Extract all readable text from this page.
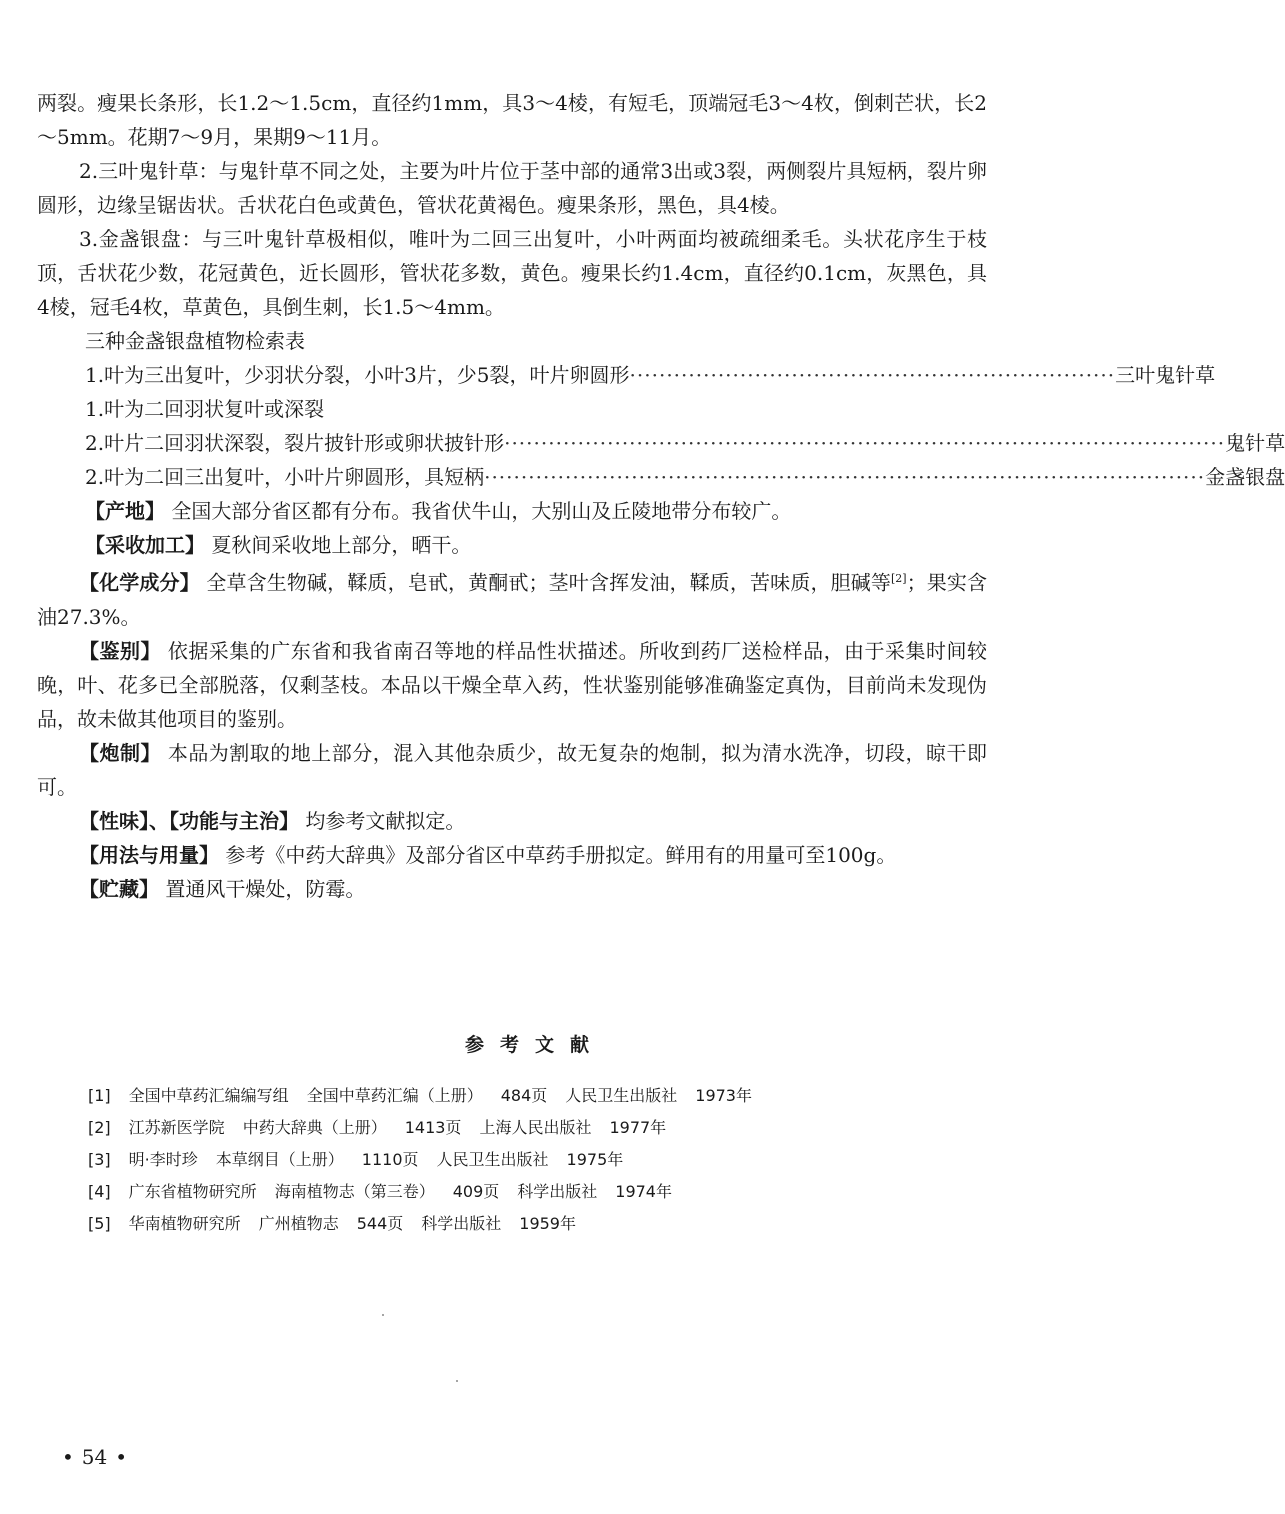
两裂。瘦果长条形，长1.2～1.5cm，直径约1mm，具3～4棱，有短毛，顶端冠毛3～4枚，倒刺芒状，长2～5mm。花期7～9月，果期9～11月。

2.三叶鬼针草：与鬼针草不同之处，主要为叶片位于茎中部的通常3出或3裂，两侧裂片具短柄，裂片卵圆形，边缘呈锯齿状。舌状花白色或黄色，管状花黄褐色。瘦果条形，黑色，具4棱。

3.金盏银盘：与三叶鬼针草极相似，唯叶为二回三出复叶，小叶两面均被疏细柔毛。头状花序生于枝顶，舌状花少数，花冠黄色，近长圆形，管状花多数，黄色。瘦果长约1.4cm，直径约0.1cm，灰黑色，具4棱，冠毛4枚，草黄色，具倒生刺，长1.5～4mm。

三种金盏银盘植物检索表
1.叶为三出复叶，少羽状分裂，小叶3片，少5裂，叶片卵圆形 ·································································· 三叶鬼针草
1.叶为二回羽状复叶或深裂
2.叶片二回羽状深裂，裂片披针形或卵状披针形 ·································································································· 鬼针草
2.叶为二回三出复叶，小叶片卵圆形，具短柄 ·································································································· 金盏银盘

【产地】 全国大部分省区都有分布。我省伏牛山，大别山及丘陵地带分布较广。

【采收加工】 夏秋间采收地上部分，晒干。

【化学成分】 全草含生物碱，鞣质，皂甙，黄酮甙；茎叶含挥发油，鞣质，苦味质，胆碱等[2]；果实含油27.3%。

【鉴别】 依据采集的广东省和我省南召等地的样品性状描述。所收到药厂送检样品，由于采集时间较晚，叶、花多已全部脱落，仅剩茎枝。本品以干燥全草入药，性状鉴别能够准确鉴定真伪，目前尚未发现伪品，故未做其他项目的鉴别。

【炮制】 本品为割取的地上部分，混入其他杂质少，故无复杂的炮制，拟为清水洗净，切段，晾干即可。

【性味】、【功能与主治】 均参考文献拟定。

【用法与用量】 参考《中药大辞典》及部分省区中草药手册拟定。鲜用有的用量可至100g。

【贮藏】 置通风干燥处，防霉。

参考文献
[1] 全国中草药汇编编写组 全国中草药汇编（上册） 484页 人民卫生出版社 1973年
[2] 江苏新医学院 中药大辞典（上册） 1413页 上海人民出版社 1977年
[3] 明·李时珍 本草纲目（上册） 1110页 人民卫生出版社 1975年
[4] 广东省植物研究所 海南植物志（第三卷） 409页 科学出版社 1974年
[5] 华南植物研究所 广州植物志 544页 科学出版社 1959年
• 54 •
